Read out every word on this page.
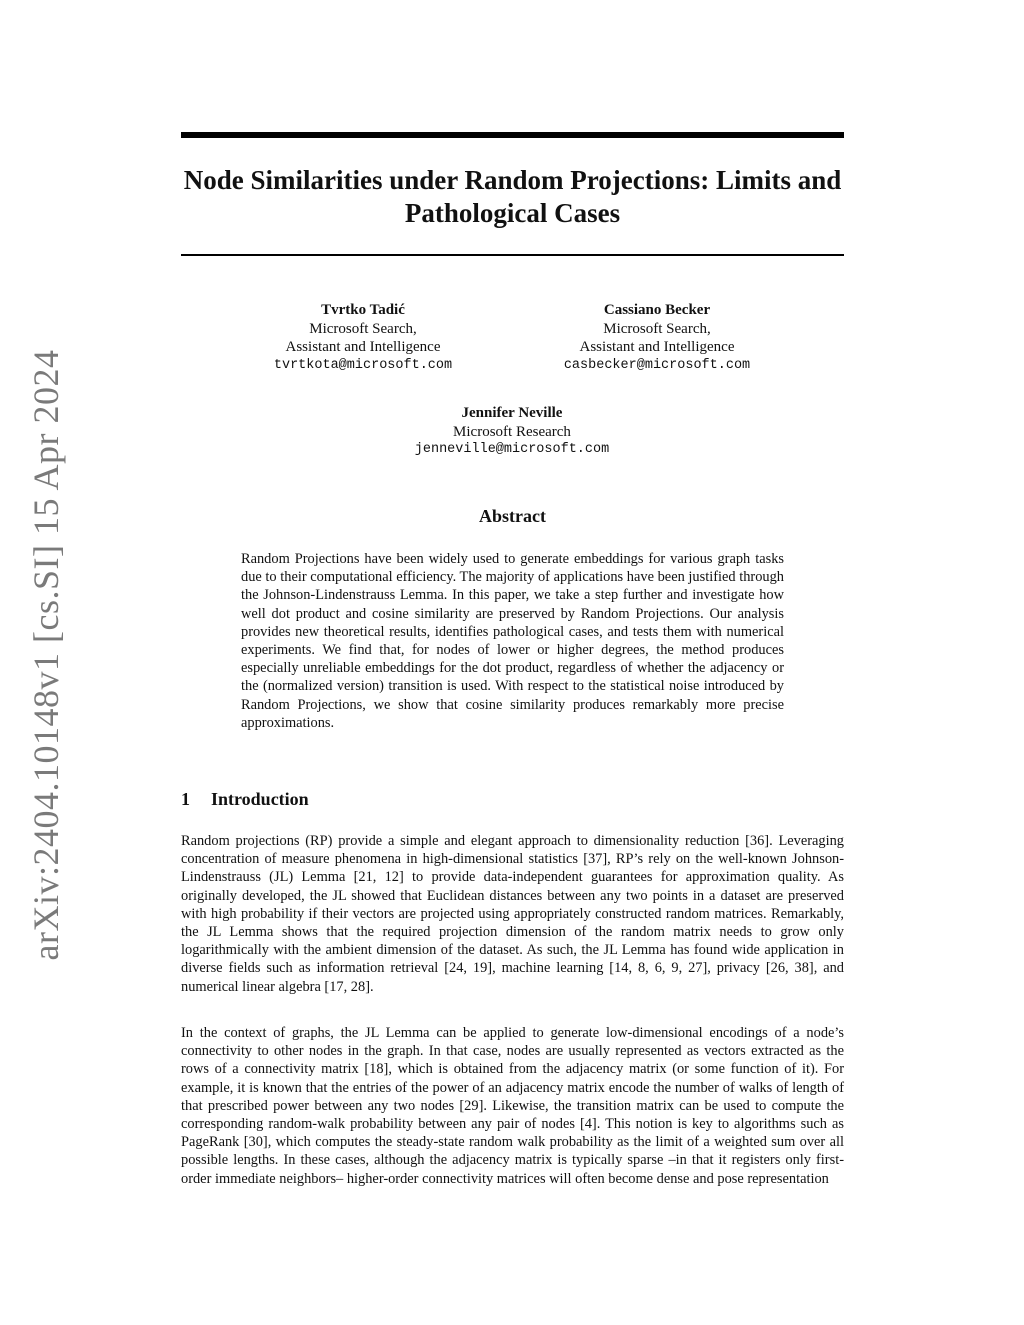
arXiv:2404.10148v1 [cs.SI] 15 Apr 2024
Node Similarities under Random Projections: Limits and Pathological Cases
Tvrtko Tadić
Microsoft Search,
Assistant and Intelligence
tvrtkota@microsoft.com
Cassiano Becker
Microsoft Search,
Assistant and Intelligence
casbecker@microsoft.com
Jennifer Neville
Microsoft Research
jenneville@microsoft.com
Abstract

Random Projections have been widely used to generate embeddings for various graph tasks due to their computational efficiency. The majority of applications have been justified through the Johnson-Lindenstrauss Lemma. In this paper, we take a step further and investigate how well dot product and cosine similarity are preserved by Random Projections. Our analysis provides new theoretical results, identifies pathological cases, and tests them with numerical experiments. We find that, for nodes of lower or higher degrees, the method produces especially unreliable embeddings for the dot product, regardless of whether the adjacency or the (normalized version) transition is used. With respect to the statistical noise introduced by Random Projections, we show that cosine similarity produces remarkably more precise approximations.

1 Introduction

Random projections (RP) provide a simple and elegant approach to dimensionality reduction [36]. Leveraging concentration of measure phenomena in high-dimensional statistics [37], RP’s rely on the well-known Johnson-Lindenstrauss (JL) Lemma [21, 12] to provide data-independent guarantees for approximation quality. As originally developed, the JL showed that Euclidean distances between any two points in a dataset are preserved with high probability if their vectors are projected using appropriately constructed random matrices. Remarkably, the JL Lemma shows that the required projection dimension of the random matrix needs to grow only logarithmically with the ambient dimension of the dataset. As such, the JL Lemma has found wide application in diverse fields such as information retrieval [24, 19], machine learning [14, 8, 6, 9, 27], privacy [26, 38], and numerical linear algebra [17, 28].

In the context of graphs, the JL Lemma can be applied to generate low-dimensional encodings of a node’s connectivity to other nodes in the graph. In that case, nodes are usually represented as vectors extracted as the rows of a connectivity matrix [18], which is obtained from the adjacency matrix (or some function of it). For example, it is known that the entries of the power of an adjacency matrix encode the number of walks of length of that prescribed power between any two nodes [29]. Likewise, the transition matrix can be used to compute the corresponding random-walk probability between any pair of nodes [4]. This notion is key to algorithms such as PageRank [30], which computes the steady-state random walk probability as the limit of a weighted sum over all possible lengths. In these cases, although the adjacency matrix is typically sparse –in that it registers only first-order immediate neighbors– higher-order connectivity matrices will often become dense and pose representation
